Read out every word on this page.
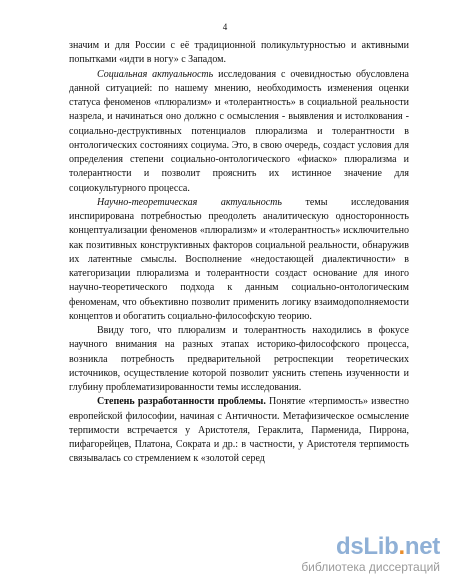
4

значим и для России с её традиционной поликультурностью и активными попытками «идти в ногу» с Западом.

Социальная актуальность исследования с очевидностью обусловлена данной ситуацией: по нашему мнению, необходимость изменения оценки статуса феноменов «плюрализм» и «толерантность» в социальной реальности назрела, и начинаться оно должно с осмысления - выявления и истолкования - социально-деструктивных потенциалов плюрализма и толерантности в онтологических состояниях социума. Это, в свою очередь, создаст условия для определения степени социально-онтологического «фиаско» плюрализма и толерантности и позволит прояснить их истинное значение для социокультурного процесса.

Научно-теоретическая актуальность темы исследования инспирирована потребностью преодолеть аналитическую односторонность концептуализации феноменов «плюрализм» и «толерантность» исключительно как позитивных конструктивных факторов социальной реальности, обнаружив их латентные смыслы. Восполнение «недостающей диалектичности» в категоризации плюрализма и толерантности создаст основание для иного научно-теоретического подхода к данным социально-онтологическим феноменам, что объективно позволит применить логику взаимодополняемости концептов и обогатить социально-философскую теорию.

Ввиду того, что плюрализм и толерантность находились в фокусе научного внимания на разных этапах историко-философского процесса, возникла потребность предварительной ретроспекции теоретических источников, осуществление которой позволит уяснить степень изученности и глубину проблематизированности темы исследования.

Степень разработанности проблемы. Понятие «терпимость» известно европейской философии, начиная с Античности. Метафизическое осмысление терпимости встречается у Аристотеля, Гераклита, Парменида, Пиррона, пифагорейцев, Платона, Сократа и др.: в частности, у Аристотеля терпимость связывалась со стремлением к «золотой серед

dsLib.net
библиотека диссертаций
